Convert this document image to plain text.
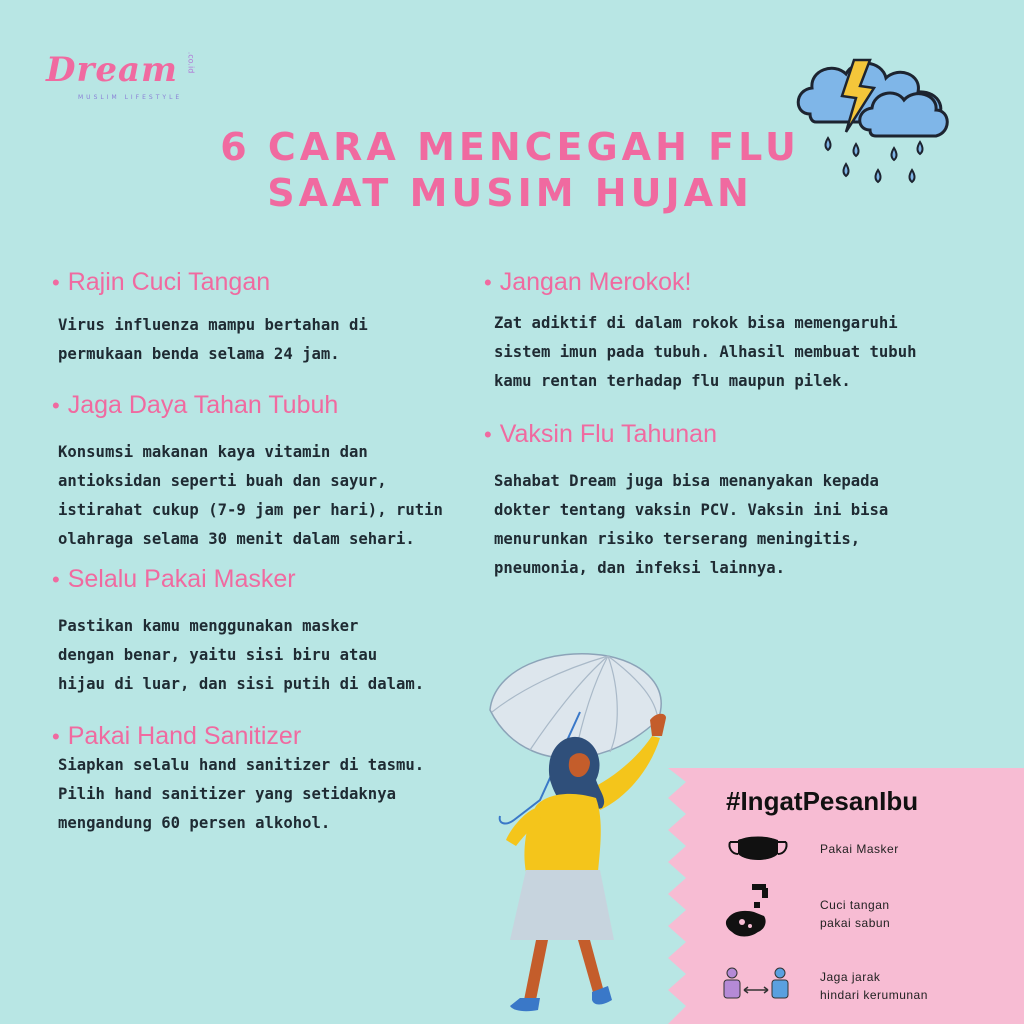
Dream .co.id
MUSLIM LIFESTYLE
6 CARA MENCEGAH FLU
SAAT MUSIM HUJAN
• Rajin Cuci Tangan
Virus influenza mampu bertahan di
permukaan benda selama 24 jam.
• Jaga Daya Tahan Tubuh
Konsumsi makanan kaya vitamin dan
antioksidan seperti buah dan sayur,
istirahat cukup (7-9 jam per hari), rutin
olahraga selama 30 menit dalam sehari.
• Selalu Pakai Masker
Pastikan kamu menggunakan masker
dengan benar, yaitu sisi biru atau
hijau di luar, dan sisi putih di dalam.
• Pakai Hand Sanitizer
Siapkan selalu hand sanitizer di tasmu.
Pilih hand sanitizer yang setidaknya
mengandung 60 persen alkohol.
• Jangan Merokok!
Zat adiktif di dalam rokok bisa memengaruhi
sistem imun pada tubuh. Alhasil membuat tubuh
kamu rentan terhadap flu maupun pilek.
• Vaksin Flu Tahunan
Sahabat Dream juga bisa menanyakan kepada
dokter tentang vaksin PCV. Vaksin ini bisa
menurunkan risiko terserang meningitis,
pneumonia, dan infeksi lainnya.
#IngatPesanIbu
Pakai Masker
Cuci tangan
pakai sabun
Jaga jarak
hindari kerumunan
